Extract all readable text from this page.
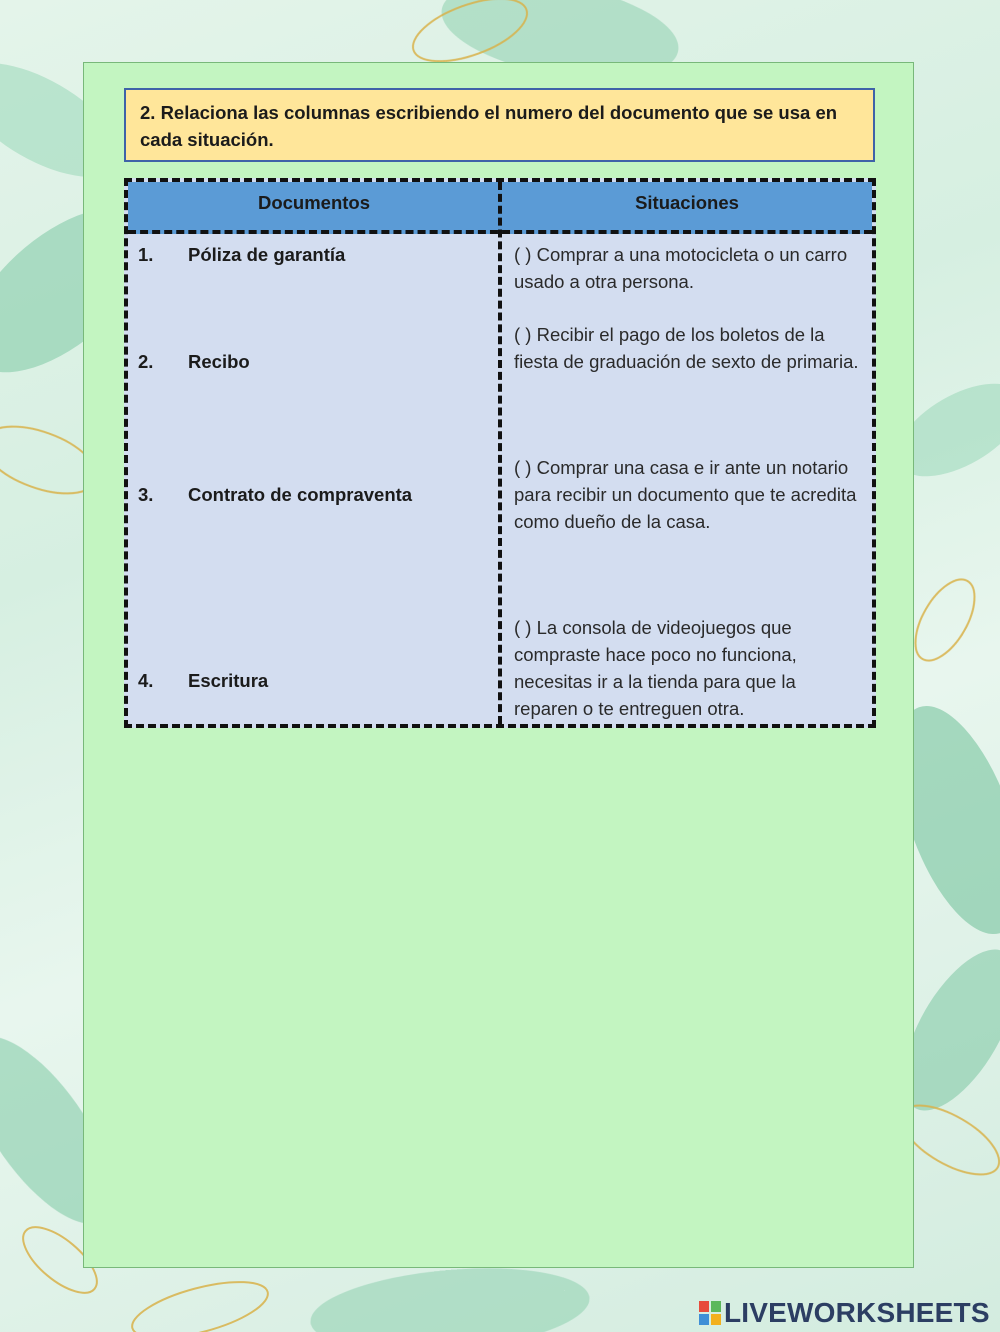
2. Relaciona las columnas escribiendo el numero del documento que se usa en cada situación.
Documentos	Situaciones
1. Póliza de garantía
2. Recibo
3. Contrato de compraventa
4. Escritura
( ) Comprar a una motocicleta o un carro usado a otra persona.
( ) Recibir el pago de los boletos de la fiesta de graduación de sexto de primaria.
( ) Comprar una casa e ir ante un notario para recibir un documento que te acredita como dueño de la casa.
( ) La consola de videojuegos que compraste hace poco no funciona, necesitas ir a la tienda para que la reparen o te entreguen otra.
LIVEWORKSHEETS
